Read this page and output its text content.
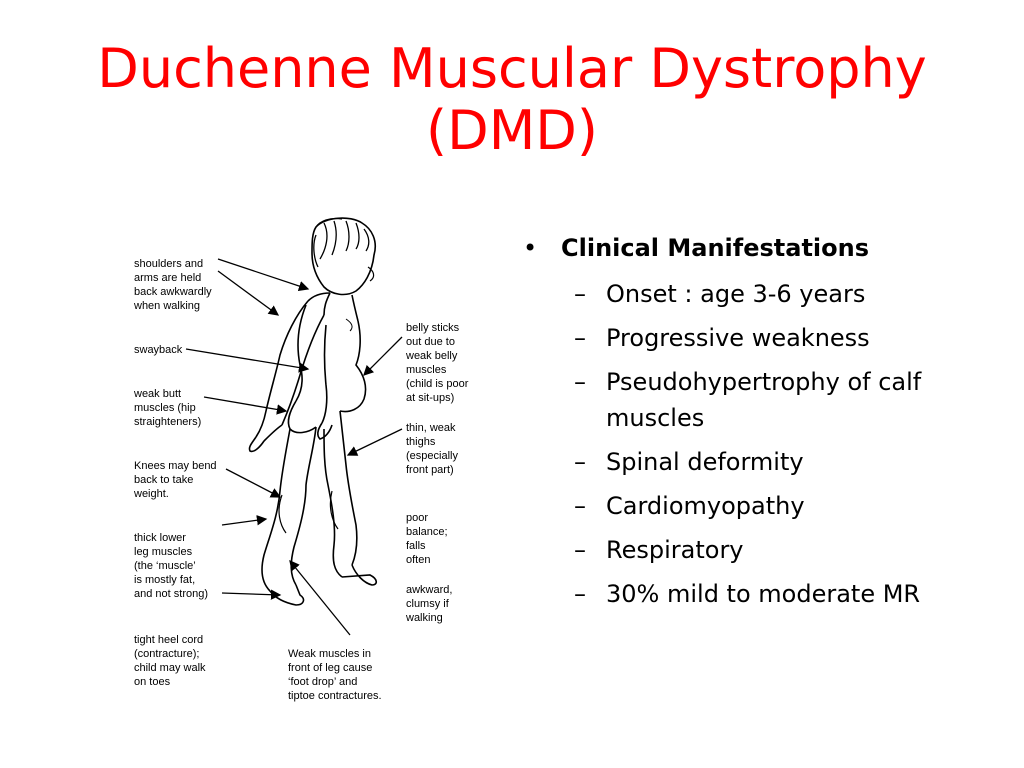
Duchenne Muscular Dystrophy
(DMD)
shoulders and
arms are held
back awkwardly
when walking
swayback
weak butt
muscles (hip
straighteners)
Knees may bend
back to take
weight.
thick lower
leg muscles
(the ‘muscle’
is mostly fat,
and not strong)
tight heel cord
(contracture);
child may walk
on toes
Weak muscles in
front of leg cause
‘foot drop’ and
tiptoe contractures.
belly sticks
out due to
weak belly
muscles
(child is poor
at sit-ups)
thin, weak
thighs
(especially
front part)
poor
balance;
falls
often
awkward,
clumsy if
walking
• Clinical Manifestations
– Onset : age 3-6 years
– Progressive weakness
– Pseudohypertrophy of calf muscles
– Spinal deformity
– Cardiomyopathy
– Respiratory
– 30% mild to moderate MR
